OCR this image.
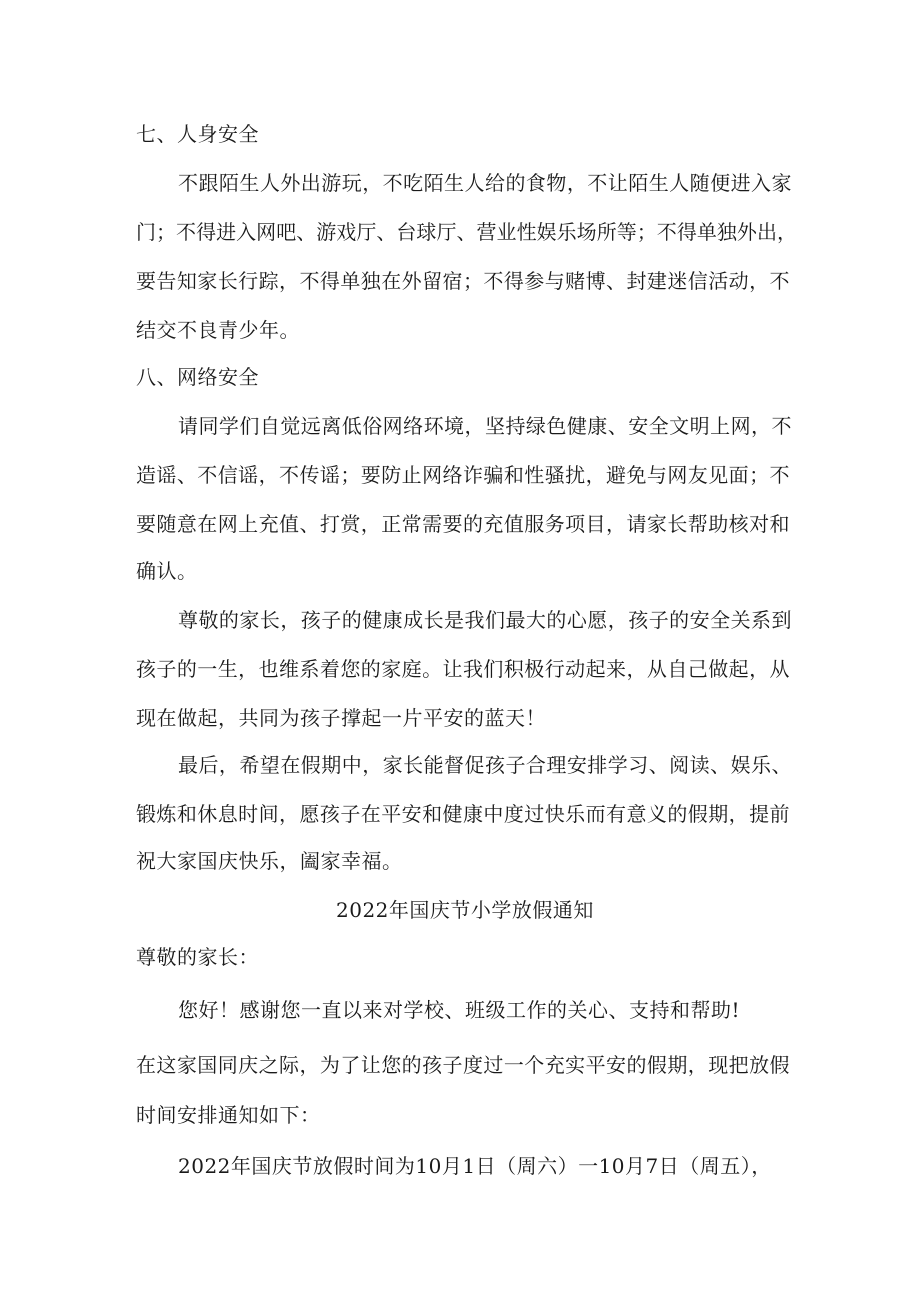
七、人身安全
不跟陌生人外出游玩，不吃陌生人给的食物，不让陌生人随便进入家
门；不得进入网吧、游戏厅、台球厅、营业性娱乐场所等；不得单独外出，
要告知家长行踪，不得单独在外留宿；不得参与赌博、封建迷信活动，不
结交不良青少年。
八、网络安全
请同学们自觉远离低俗网络环境，坚持绿色健康、安全文明上网，不
造谣、不信谣，不传谣；要防止网络诈骗和性骚扰，避免与网友见面；不
要随意在网上充值、打赏，正常需要的充值服务项目，请家长帮助核对和
确认。
尊敬的家长，孩子的健康成长是我们最大的心愿，孩子的安全关系到
孩子的一生，也维系着您的家庭。让我们积极行动起来，从自己做起，从
现在做起，共同为孩子撑起一片平安的蓝天！
最后，希望在假期中，家长能督促孩子合理安排学习、阅读、娱乐、
锻炼和休息时间，愿孩子在平安和健康中度过快乐而有意义的假期，提前
祝大家国庆快乐，阖家幸福。
2022年国庆节小学放假通知
尊敬的家长：
您好！感谢您一直以来对学校、班级工作的关心、支持和帮助!
在这家国同庆之际，为了让您的孩子度过一个充实平安的假期，现把放假
时间安排通知如下：
2022年国庆节放假时间为10月1日（周六）一10月7日（周五），
